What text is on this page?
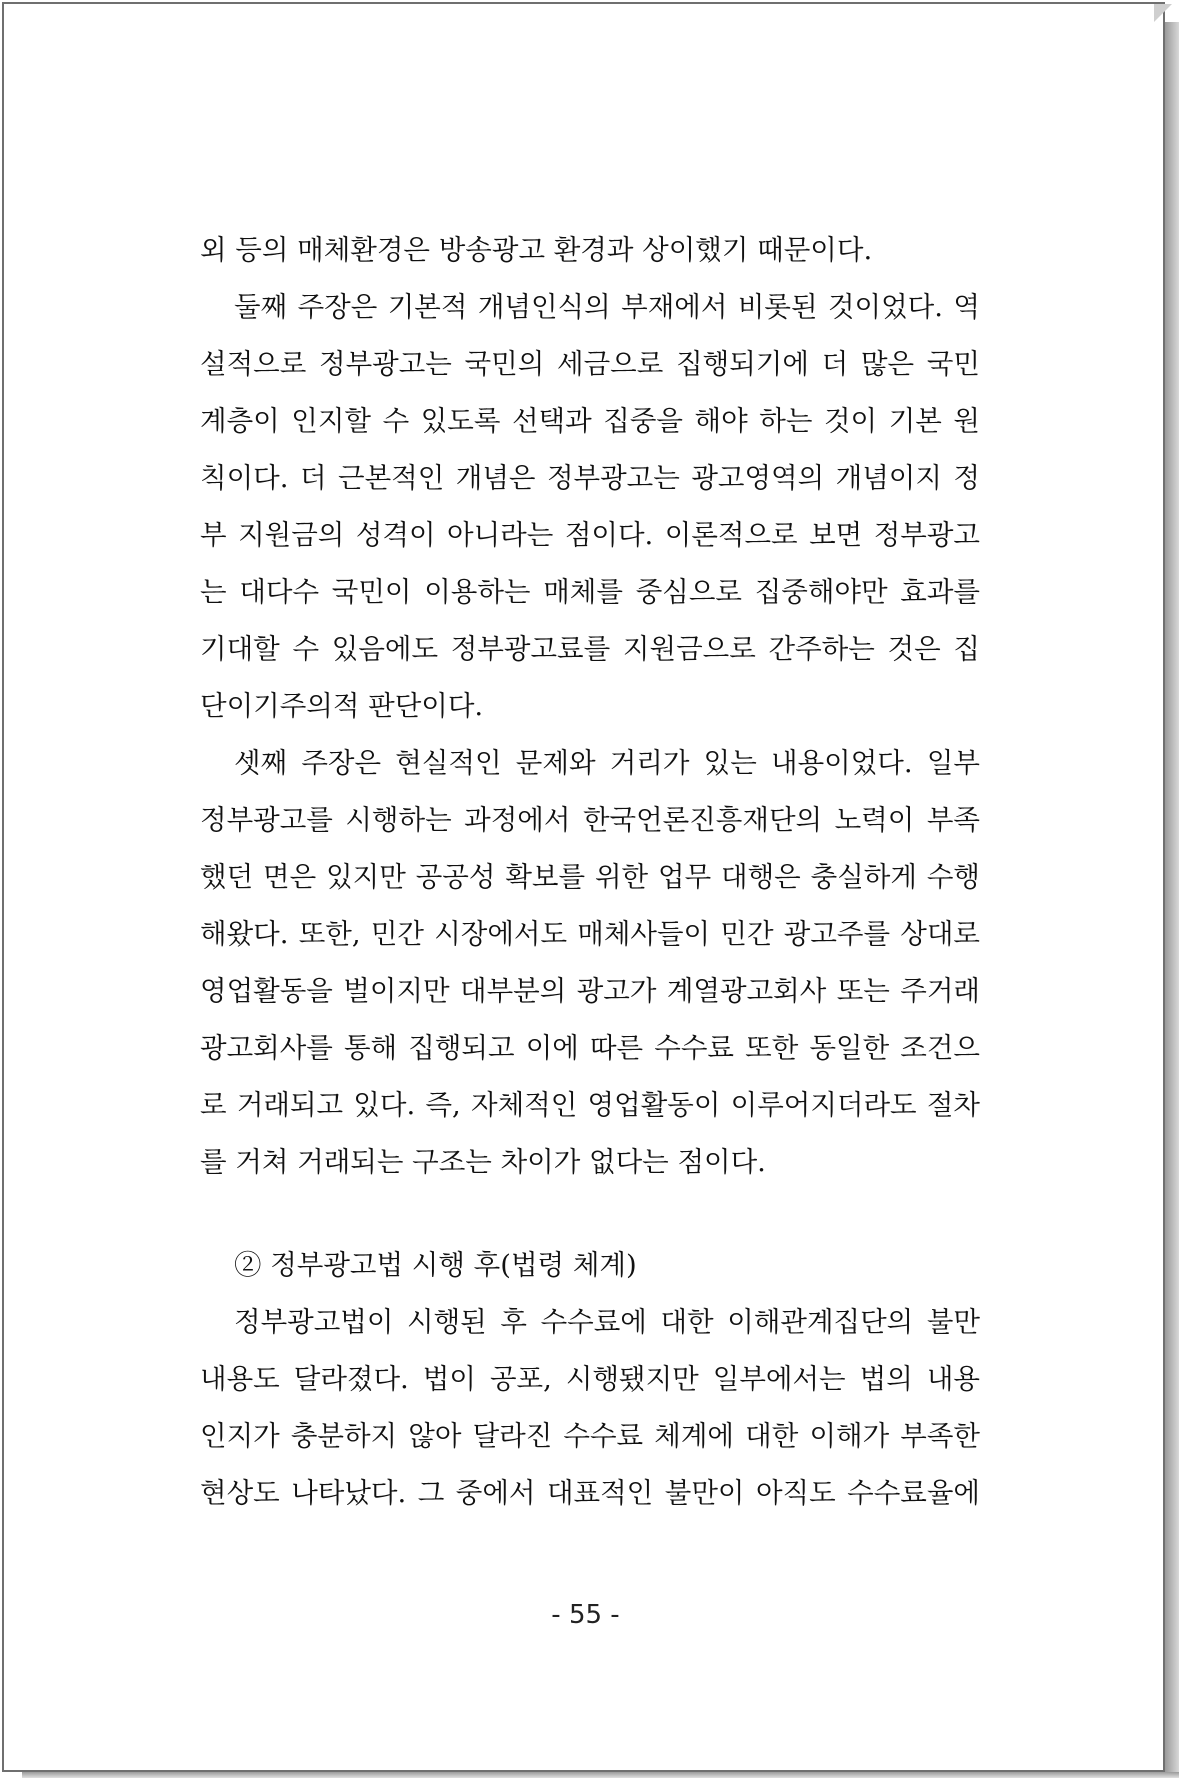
외 등의 매체환경은 방송광고 환경과 상이했기 때문이다.
둘째 주장은 기본적 개념인식의 부재에서 비롯된 것이었다. 역
설적으로 정부광고는 국민의 세금으로 집행되기에 더 많은 국민
계층이 인지할 수 있도록 선택과 집중을 해야 하는 것이 기본 원
칙이다. 더 근본적인 개념은 정부광고는 광고영역의 개념이지 정
부 지원금의 성격이 아니라는 점이다. 이론적으로 보면 정부광고
는 대다수 국민이 이용하는 매체를 중심으로 집중해야만 효과를
기대할 수 있음에도 정부광고료를 지원금으로 간주하는 것은 집
단이기주의적 판단이다.
셋째 주장은 현실적인 문제와 거리가 있는 내용이었다. 일부
정부광고를 시행하는 과정에서 한국언론진흥재단의 노력이 부족
했던 면은 있지만 공공성 확보를 위한 업무 대행은 충실하게 수행
해왔다. 또한, 민간 시장에서도 매체사들이 민간 광고주를 상대로
영업활동을 벌이지만 대부분의 광고가 계열광고회사 또는 주거래
광고회사를 통해 집행되고 이에 따른 수수료 또한 동일한 조건으
로 거래되고 있다. 즉, 자체적인 영업활동이 이루어지더라도 절차
를 거쳐 거래되는 구조는 차이가 없다는 점이다.
② 정부광고법 시행 후(법령 체계)
정부광고법이 시행된 후 수수료에 대한 이해관계집단의 불만
내용도 달라졌다. 법이 공포, 시행됐지만 일부에서는 법의 내용
인지가 충분하지 않아 달라진 수수료 체계에 대한 이해가 부족한
현상도 나타났다. 그 중에서 대표적인 불만이 아직도 수수료율에
- 55 -
